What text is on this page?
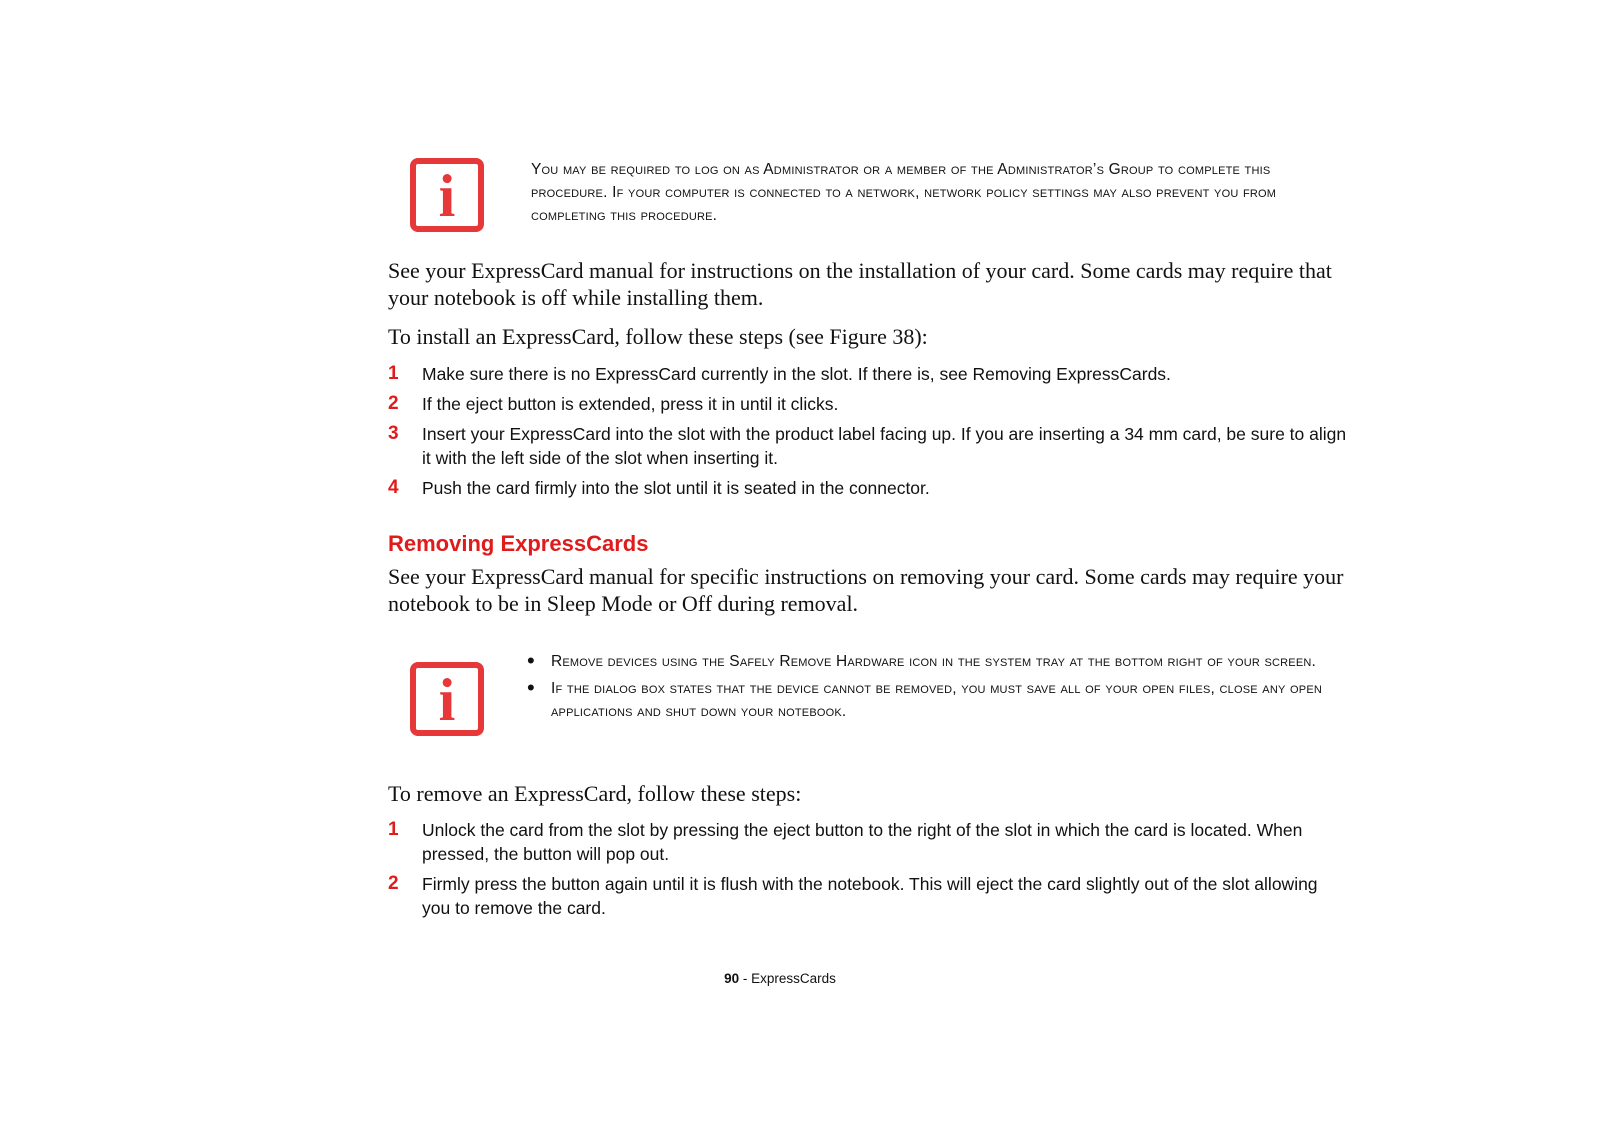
i	You may be required to log on as Administrator or a member of the Administrator’s Group to complete this procedure. If your computer is connected to a network, network policy settings may also prevent you from completing this procedure.

See your ExpressCard manual for instructions on the installation of your card. Some cards may require that your notebook is off while installing them.

To install an ExpressCard, follow these steps (see Figure 38):

1 Make sure there is no ExpressCard currently in the slot. If there is, see Removing ExpressCards.
2 If the eject button is extended, press it in until it clicks.
3 Insert your ExpressCard into the slot with the product label facing up. If you are inserting a 34 mm card, be sure to align it with the left side of the slot when inserting it.
4 Push the card firmly into the slot until it is seated in the connector.
Removing ExpressCards

See your ExpressCard manual for specific instructions on removing your card. Some cards may require your notebook to be in Sleep Mode or Off during removal.

i
• Remove devices using the Safely Remove Hardware icon in the system tray at the bottom right of your screen.
• If the dialog box states that the device cannot be removed, you must save all of your open files, close any open applications and shut down your notebook.

To remove an ExpressCard, follow these steps:

1 Unlock the card from the slot by pressing the eject button to the right of the slot in which the card is located. When pressed, the button will pop out.
2 Firmly press the button again until it is flush with the notebook. This will eject the card slightly out of the slot allowing you to remove the card.
90 - ExpressCards
